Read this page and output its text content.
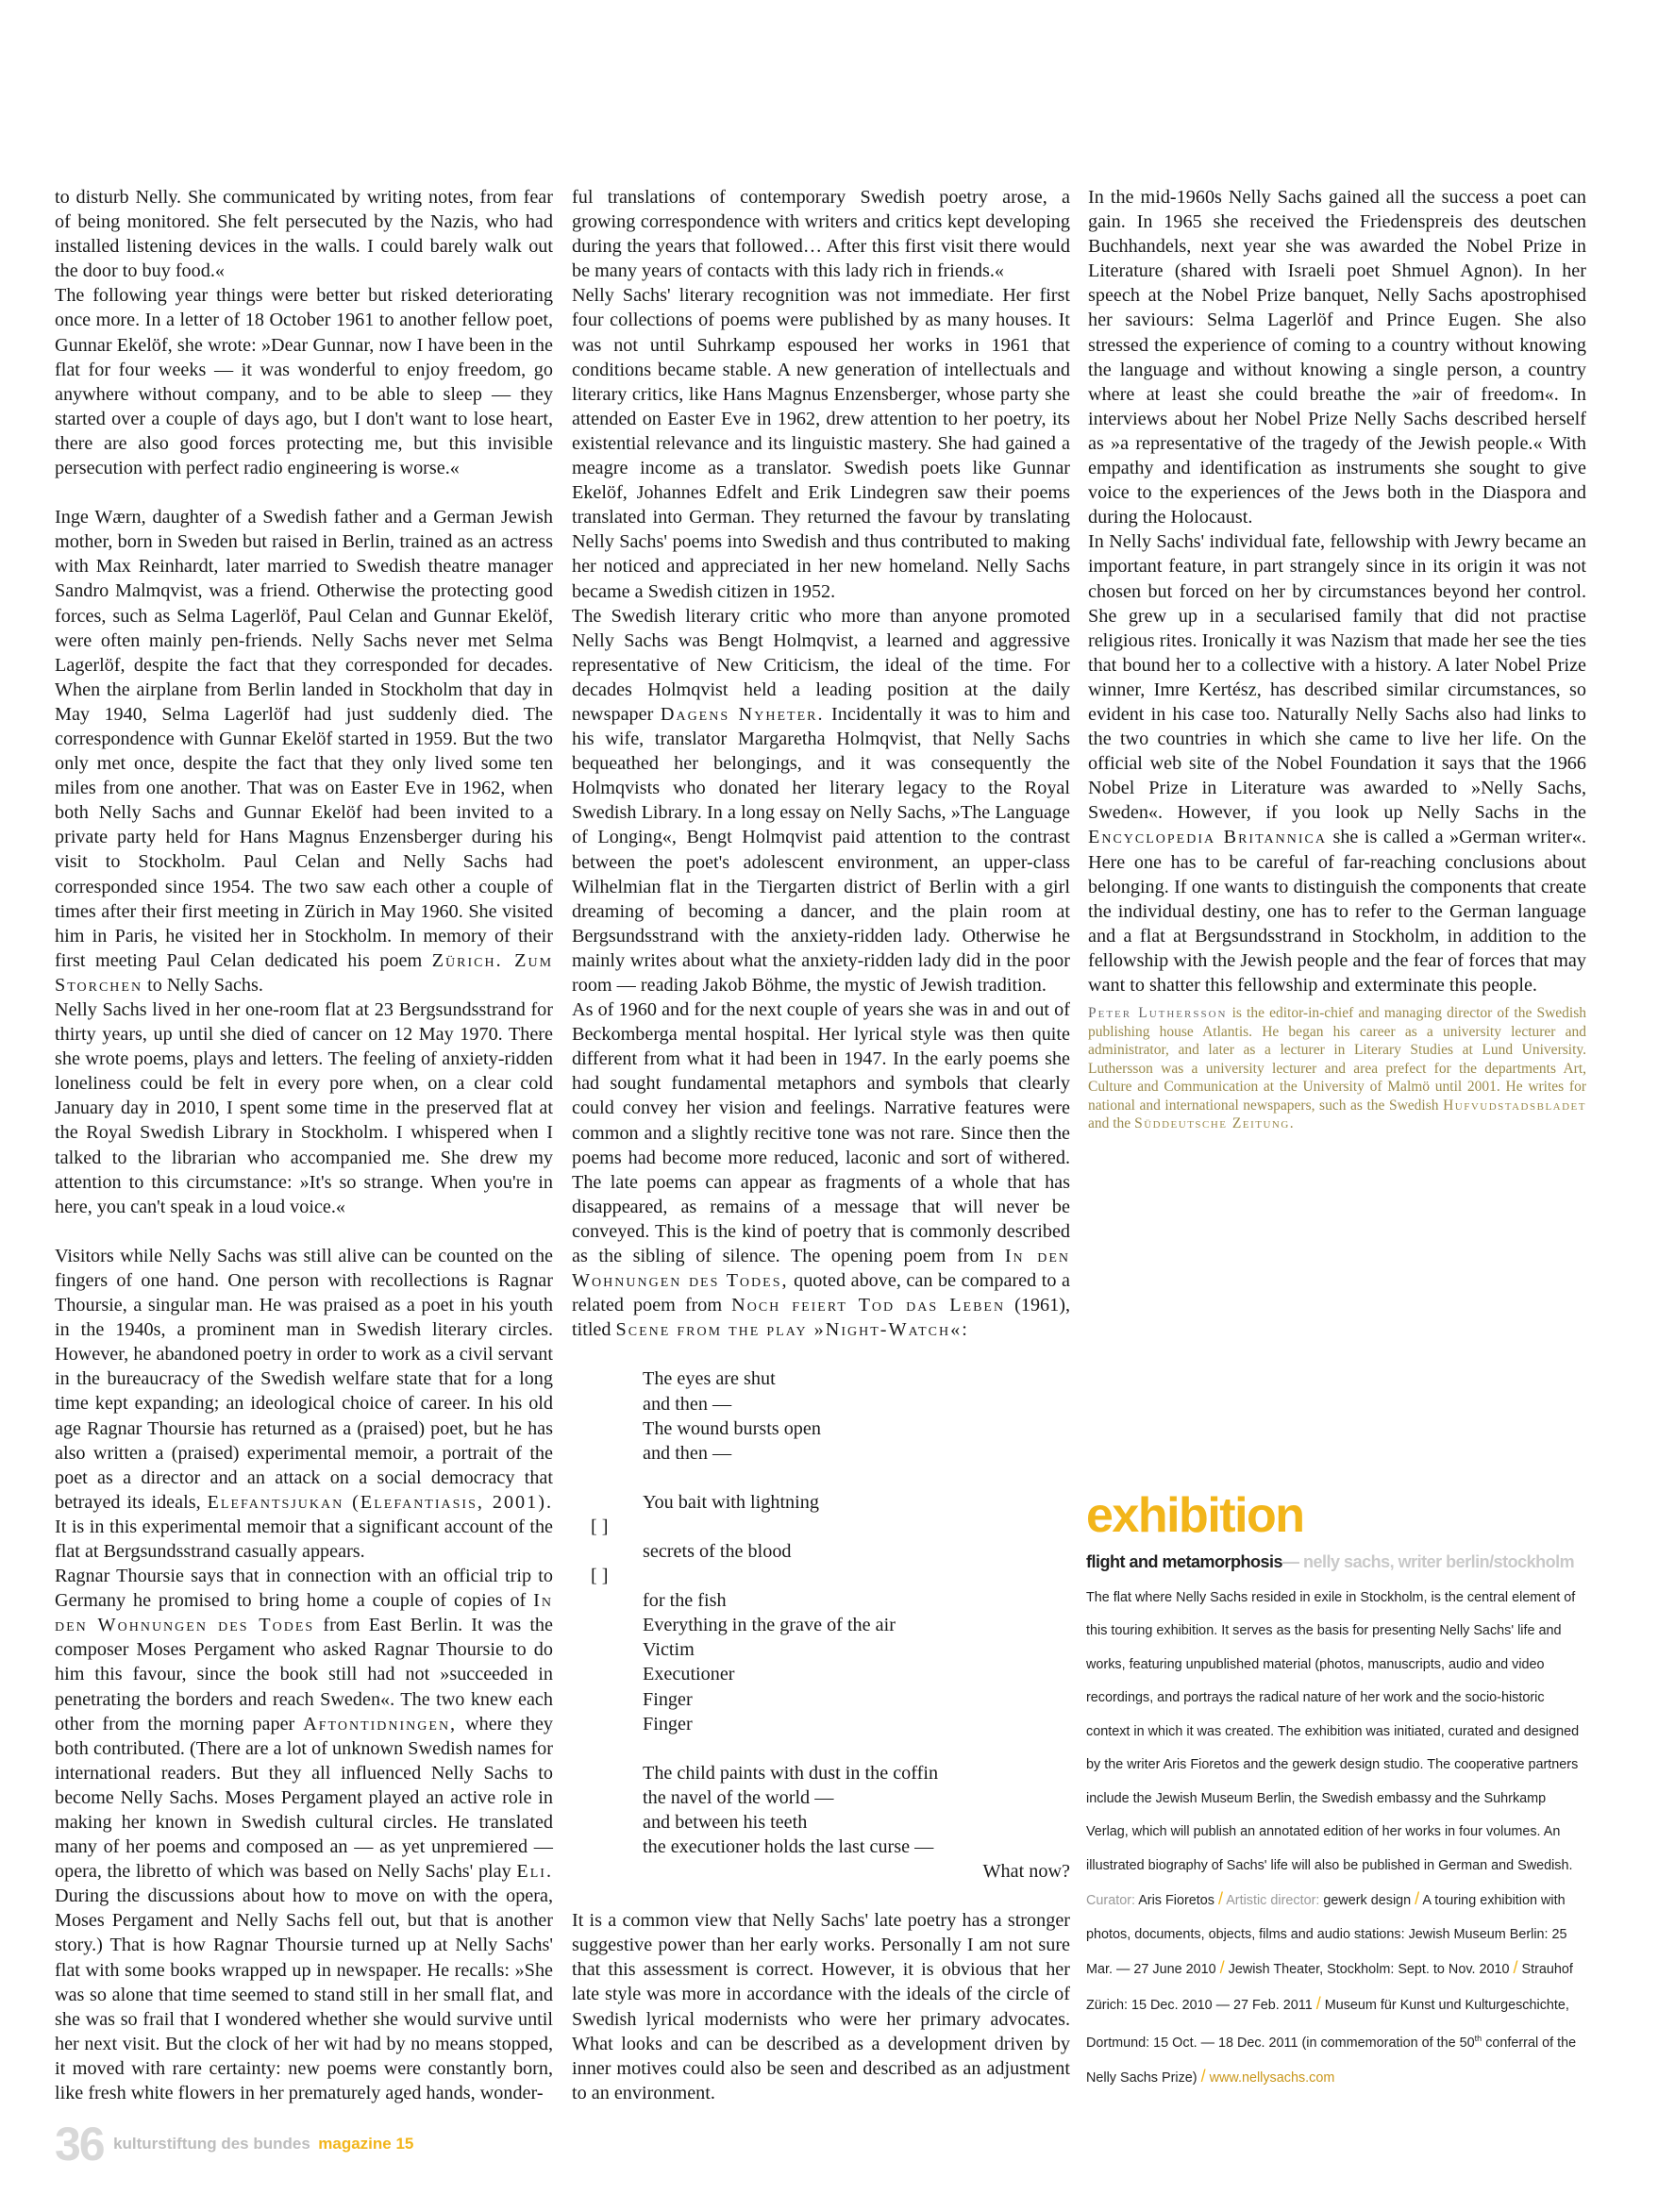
to disturb Nelly. She communicated by writing notes, from fear of being monitored. She felt persecuted by the Nazis, who had installed listening devices in the walls. I could barely walk out the door to buy food.«

The following year things were better but risked deteriorating once more. In a letter of 18 October 1961 to another fellow poet, Gunnar Ekelöf, she wrote: »Dear Gunnar, now I have been in the flat for four weeks — it was wonderful to enjoy freedom, go anywhere without company, and to be able to sleep — they started over a couple of days ago, but I don't want to lose heart, there are also good forces protecting me, but this invisible persecution with perfect radio engineering is worse.«

Inge Wærn, daughter of a Swedish father and a German Jewish mother, born in Sweden but raised in Berlin, trained as an actress with Max Reinhardt, later married to Swedish theatre manager Sandro Malmqvist, was a friend. Otherwise the protecting good forces, such as Selma Lagerlöf, Paul Celan and Gunnar Ekelöf, were often mainly pen-friends. Nelly Sachs never met Selma Lagerlöf, despite the fact that they corresponded for decades. When the airplane from Berlin landed in Stockholm that day in May 1940, Selma Lagerlöf had just suddenly died. The correspondence with Gunnar Ekelöf started in 1959. But the two only met once, despite the fact that they only lived some ten miles from one another. That was on Easter Eve in 1962, when both Nelly Sachs and Gunnar Ekelöf had been invited to a private party held for Hans Magnus Enzensberger during his visit to Stockholm. Paul Celan and Nelly Sachs had corresponded since 1954. The two saw each other a couple of times after their first meeting in Zürich in May 1960. She visited him in Paris, he visited her in Stockholm. In memory of their first meeting Paul Celan dedicated his poem Zürich. Zum Storchen to Nelly Sachs.

Nelly Sachs lived in her one-room flat at 23 Bergsundsstrand for thirty years, up until she died of cancer on 12 May 1970. There she wrote poems, plays and letters. The feeling of anxiety-ridden loneliness could be felt in every pore when, on a clear cold January day in 2010, I spent some time in the preserved flat at the Royal Swedish Library in Stockholm. I whispered when I talked to the librarian who accompanied me. She drew my attention to this circumstance: »It's so strange. When you're in here, you can't speak in a loud voice.«

Visitors while Nelly Sachs was still alive can be counted on the fingers of one hand. One person with recollections is Ragnar Thoursie, a singular man. He was praised as a poet in his youth in the 1940s, a prominent man in Swedish literary circles. However, he abandoned poetry in order to work as a civil servant in the bureaucracy of the Swedish welfare state that for a long time kept expanding; an ideological choice of career. In his old age Ragnar Thoursie has returned as a (praised) poet, but he has also written a (praised) experimental memoir, a portrait of the poet as a director and an attack on a social democracy that betrayed its ideals, Elefantsjukan (Elefantiasis, 2001). It is in this experimental memoir that a significant account of the flat at Bergsundsstrand casually appears.

Ragnar Thoursie says that in connection with an official trip to Germany he promised to bring home a couple of copies of In den Wohnungen des Todes from East Berlin. It was the composer Moses Pergament who asked Ragnar Thoursie to do him this favour, since the book still had not »succeeded in penetrating the borders and reach Sweden«. The two knew each other from the morning paper Aftontidningen, where they both contributed. (There are a lot of unknown Swedish names for international readers. But they all influenced Nelly Sachs to become Nelly Sachs. Moses Pergament played an active role in making her known in Swedish cultural circles. He translated many of her poems and composed an — as yet unpremiered — opera, the libretto of which was based on Nelly Sachs' play Eli. During the discussions about how to move on with the opera, Moses Pergament and Nelly Sachs fell out, but that is another story.) That is how Ragnar Thoursie turned up at Nelly Sachs' flat with some books wrapped up in newspaper. He recalls: »She was so alone that time seemed to stand still in her small flat, and she was so frail that I wondered whether she would survive until her next visit. But the clock of her wit had by no means stopped, it moved with rare certainty: new poems were constantly born, like fresh white flowers in her prematurely aged hands, wonder-

ful translations of contemporary Swedish poetry arose, a growing correspondence with writers and critics kept developing during the years that followed… After this first visit there would be many years of contacts with this lady rich in friends.«

Nelly Sachs' literary recognition was not immediate. Her first four collections of poems were published by as many houses. It was not until Suhrkamp espoused her works in 1961 that conditions became stable. A new generation of intellectuals and literary critics, like Hans Magnus Enzensberger, whose party she attended on Easter Eve in 1962, drew attention to her poetry, its existential relevance and its linguistic mastery. She had gained a meagre income as a translator. Swedish poets like Gunnar Ekelöf, Johannes Edfelt and Erik Lindegren saw their poems translated into German. They returned the favour by translating Nelly Sachs' poems into Swedish and thus contributed to making her noticed and appreciated in her new homeland. Nelly Sachs became a Swedish citizen in 1952.

The Swedish literary critic who more than anyone promoted Nelly Sachs was Bengt Holmqvist, a learned and aggressive representative of New Criticism, the ideal of the time. For decades Holmqvist held a leading position at the daily newspaper Dagens Nyheter. Incidentally it was to him and his wife, translator Margaretha Holmqvist, that Nelly Sachs bequeathed her belongings, and it was consequently the Holmqvists who donated her literary legacy to the Royal Swedish Library. In a long essay on Nelly Sachs, »The Language of Longing«, Bengt Holmqvist paid attention to the contrast between the poet's adolescent environment, an upper-class Wilhelmian flat in the Tiergarten district of Berlin with a girl dreaming of becoming a dancer, and the plain room at Bergsundsstrand with the anxiety-ridden lady. Otherwise he mainly writes about what the anxiety-ridden lady did in the poor room — reading Jakob Böhme, the mystic of Jewish tradition.

As of 1960 and for the next couple of years she was in and out of Beckomberga mental hospital. Her lyrical style was then quite different from what it had been in 1947. In the early poems she had sought fundamental metaphors and symbols that clearly could convey her vision and feelings. Narrative features were common and a slightly recitive tone was not rare. Since then the poems had become more reduced, laconic and sort of withered. The late poems can appear as fragments of a whole that has disappeared, as remains of a message that will never be conveyed. This is the kind of poetry that is commonly described as the sibling of silence. The opening poem from In den Wohnungen des Todes, quoted above, can be compared to a related poem from Noch feiert Tod das Leben (1961), titled Scene from the play »Night-Watch«:

The eyes are shut
and then —
The wound bursts open
and then —
You bait with lightning
[ ]
secrets of the blood
[ ]
for the fish
Everything in the grave of the air
Victim
Executioner
Finger
Finger
The child paints with dust in the coffin
the navel of the world —
and between his teeth
the executioner holds the last curse —
What now?

It is a common view that Nelly Sachs' late poetry has a stronger suggestive power than her early works. Personally I am not sure that this assessment is correct. However, it is obvious that her late style was more in accordance with the ideals of the circle of Swedish lyrical modernists who were her primary advocates. What looks and can be described as a development driven by inner motives could also be seen and described as an adjustment to an environment.

In the mid-1960s Nelly Sachs gained all the success a poet can gain. In 1965 she received the Friedenspreis des deutschen Buchhandels, next year she was awarded the Nobel Prize in Literature (shared with Israeli poet Shmuel Agnon). In her speech at the Nobel Prize banquet, Nelly Sachs apostrophised her saviours: Selma Lagerlöf and Prince Eugen. She also stressed the experience of coming to a country without knowing the language and without knowing a single person, a country where at least she could breathe the »air of freedom«. In interviews about her Nobel Prize Nelly Sachs described herself as »a representative of the tragedy of the Jewish people.« With empathy and identification as instruments she sought to give voice to the experiences of the Jews both in the Diaspora and during the Holocaust.

In Nelly Sachs' individual fate, fellowship with Jewry became an important feature, in part strangely since in its origin it was not chosen but forced on her by circumstances beyond her control. She grew up in a secularised family that did not practise religious rites. Ironically it was Nazism that made her see the ties that bound her to a collective with a history. A later Nobel Prize winner, Imre Kertész, has described similar circumstances, so evident in his case too. Naturally Nelly Sachs also had links to the two countries in which she came to live her life. On the official web site of the Nobel Foundation it says that the 1966 Nobel Prize in Literature was awarded to »Nelly Sachs, Sweden«. However, if you look up Nelly Sachs in the Encyclopedia Britannica she is called a »German writer«. Here one has to be careful of far-reaching conclusions about belonging. If one wants to distinguish the components that create the individual destiny, one has to refer to the German language and a flat at Bergsundsstrand in Stockholm, in addition to the fellowship with the Jewish people and the fear of forces that may want to shatter this fellowship and exterminate this people.

Peter Luthersson is the editor-in-chief and managing director of the Swedish publishing house Atlantis. He began his career as a university lecturer and administrator, and later as a lecturer in Literary Studies at Lund University. Luthersson was a university lecturer and area prefect for the departments Art, Culture and Communication at the University of Malmö until 2001. He writes for national and international newspapers, such as the Swedish Hufvudstadsbladet and the Süddeutsche Zeitung.
exhibition
flight and metamorphosis— nelly sachs, writer berlin/stockholm The flat where Nelly Sachs resided in exile in Stockholm, is the central element of this touring exhibition. It serves as the basis for presenting Nelly Sachs' life and works, featuring unpublished material (photos, manuscripts, audio and video recordings, and portrays the radical nature of her work and the socio-historic context in which it was created. The exhibition was initiated, curated and designed by the writer Aris Fioretos and the gewerk design studio. The cooperative partners include the Jewish Museum Berlin, the Swedish embassy and the Suhrkamp Verlag, which will publish an annotated edition of her works in four volumes. An illustrated biography of Sachs' life will also be published in German and Swedish.
Curator: Aris Fioretos / Artistic director: gewerk design / A touring exhibition with photos, documents, objects, films and audio stations: Jewish Museum Berlin: 25 Mar. — 27 June 2010 / Jewish Theater, Stockholm: Sept. to Nov. 2010 / Strauhof Zürich: 15 Dec. 2010 — 27 Feb. 2011 / Museum für Kunst und Kulturgeschichte, Dortmund: 15 Oct. — 18 Dec. 2011 (in commemoration of the 50th conferral of the Nelly Sachs Prize) / www.nellysachs.com
36 kulturstiftung des bundes magazine 15
